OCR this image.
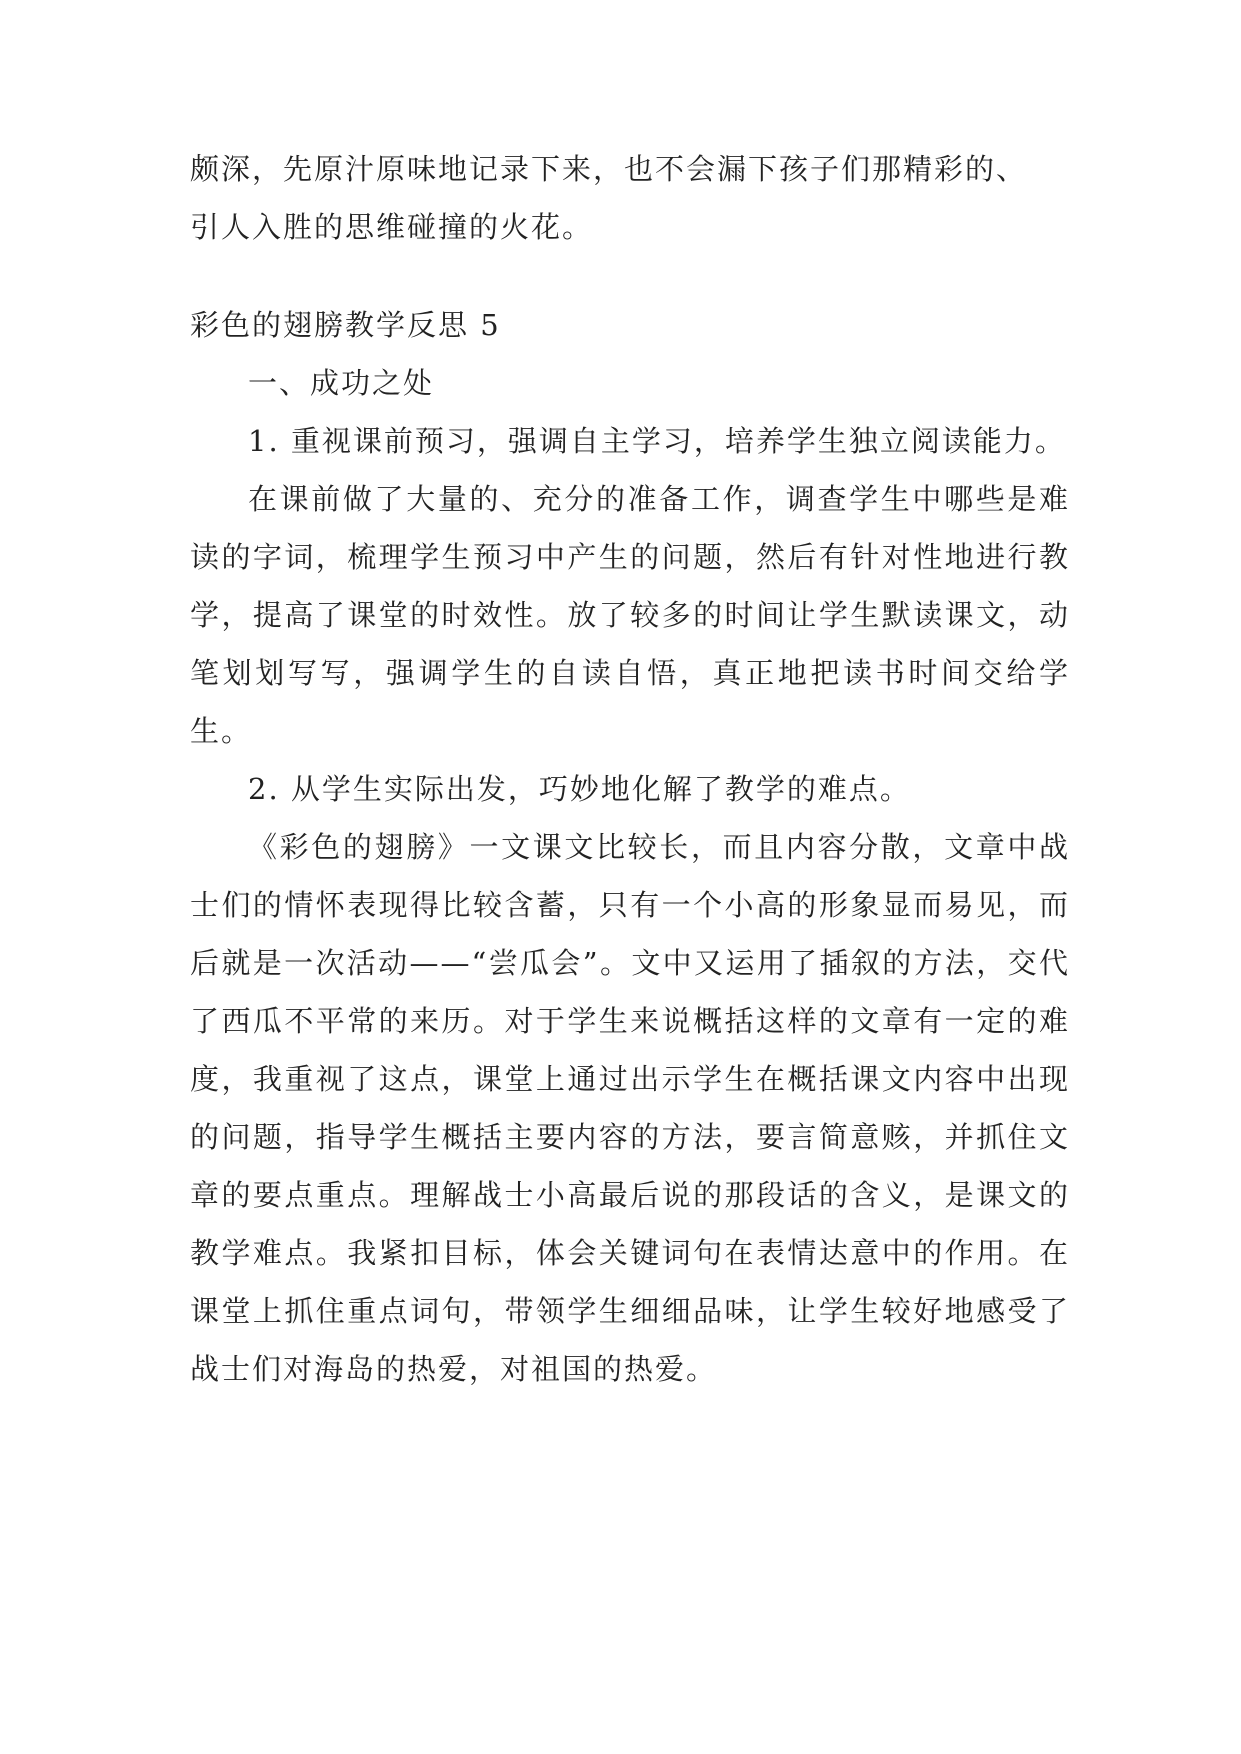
颇深，先原汁原味地记录下来，也不会漏下孩子们那精彩的、

引人入胜的思维碰撞的火花。

彩色的翅膀教学反思 5

一、成功之处

1. 重视课前预习，强调自主学习，培养学生独立阅读能力。

在课前做了大量的、充分的准备工作，调查学生中哪些是难读的字词，梳理学生预习中产生的问题，然后有针对性地进行教学，提高了课堂的时效性。放了较多的时间让学生默读课文，动笔划划写写，强调学生的自读自悟，真正地把读书时间交给学生。

2. 从学生实际出发，巧妙地化解了教学的难点。

《彩色的翅膀》一文课文比较长，而且内容分散，文章中战士们的情怀表现得比较含蓄，只有一个小高的形象显而易见，而后就是一次活动——“尝瓜会”。文中又运用了插叙的方法，交代了西瓜不平常的来历。对于学生来说概括这样的文章有一定的难度，我重视了这点，课堂上通过出示学生在概括课文内容中出现的问题，指导学生概括主要内容的方法，要言简意赅，并抓住文章的要点重点。理解战士小高最后说的那段话的含义，是课文的教学难点。我紧扣目标，体会关键词句在表情达意中的作用。在课堂上抓住重点词句，带领学生细细品味，让学生较好地感受了战士们对海岛的热爱，对祖国的热爱。
